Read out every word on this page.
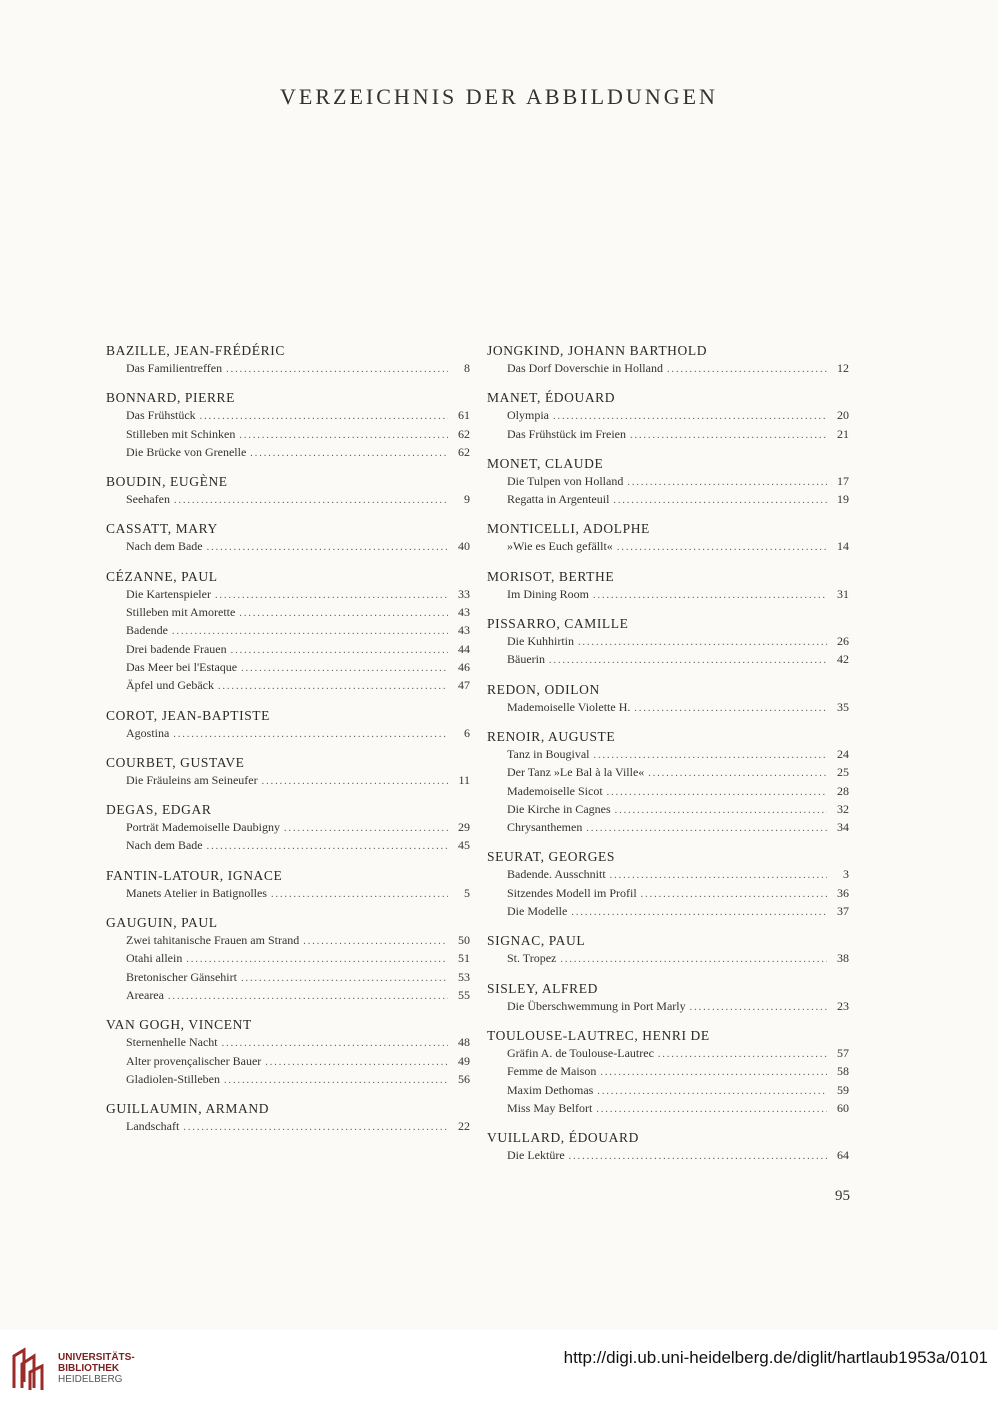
VERZEICHNIS DER ABBILDUNGEN
BAZILLE, JEAN-FRÉDÉRIC
Das Familientreffen .....	8
BONNARD, PIERRE
Das Frühstück .....	61
Stilleben mit Schinken .....	62
Die Brücke von Grenelle .....	62
BOUDIN, EUGÈNE
Seehafen .....	9
CASSATT, MARY
Nach dem Bade .....	40
CÉZANNE, PAUL
Die Kartenspieler .....	33
Stilleben mit Amorette .....	43
Badende .....	43
Drei badende Frauen .....	44
Das Meer bei l'Estaque .....	46
Äpfel und Gebäck .....	47
COROT, JEAN-BAPTISTE
Agostina .....	6
COURBET, GUSTAVE
Die Fräuleins am Seineufer .....	11
DEGAS, EDGAR
Porträt Mademoiselle Daubigny .....	29
Nach dem Bade .....	45
FANTIN-LATOUR, IGNACE
Manets Atelier in Batignolles .....	5
GAUGUIN, PAUL
Zwei tahitanische Frauen am Strand .....	50
Otahi allein .....	51
Bretonischer Gänsehirt .....	53
Arearea .....	55
VAN GOGH, VINCENT
Sternenhelle Nacht .....	48
Alter provençalischer Bauer .....	49
Gladiolen-Stilleben .....	56
GUILLAUMIN, ARMAND
Landschaft .....	22
JONGKIND, JOHANN BARTHOLD
Das Dorf Doverschie in Holland .....	12
MANET, ÉDOUARD
Olympia .....	20
Das Frühstück im Freien .....	21
MONET, CLAUDE
Die Tulpen von Holland .....	17
Regatta in Argenteuil .....	19
MONTICELLI, ADOLPHE
»Wie es Euch gefällt« .....	14
MORISOT, BERTHE
Im Dining Room .....	31
PISSARRO, CAMILLE
Die Kuhhirtin .....	26
Bäuerin .....	42
REDON, ODILON
Mademoiselle Violette H. .....	35
RENOIR, AUGUSTE
Tanz in Bougival .....	24
Der Tanz »Le Bal à la Ville« .....	25
Mademoiselle Sicot .....	28
Die Kirche in Cagnes .....	32
Chrysanthemen .....	34
SEURAT, GEORGES
Badende. Ausschnitt .....	3
Sitzendes Modell im Profil .....	36
Die Modelle .....	37
SIGNAC, PAUL
St. Tropez .....	38
SISLEY, ALFRED
Die Überschwemmung in Port Marly .....	23
TOULOUSE-LAUTREC, HENRI DE
Gräfin A. de Toulouse-Lautrec .....	57
Femme de Maison .....	58
Maxim Dethomas .....	59
Miss May Belfort .....	60
VUILLARD, ÉDOUARD
Die Lektüre .....	64
95
UNIVERSITÄTS-
BIBLIOTHEK
HEIDELBERG
http://digi.ub.uni-heidelberg.de/diglit/hartlaub1953a/0101
